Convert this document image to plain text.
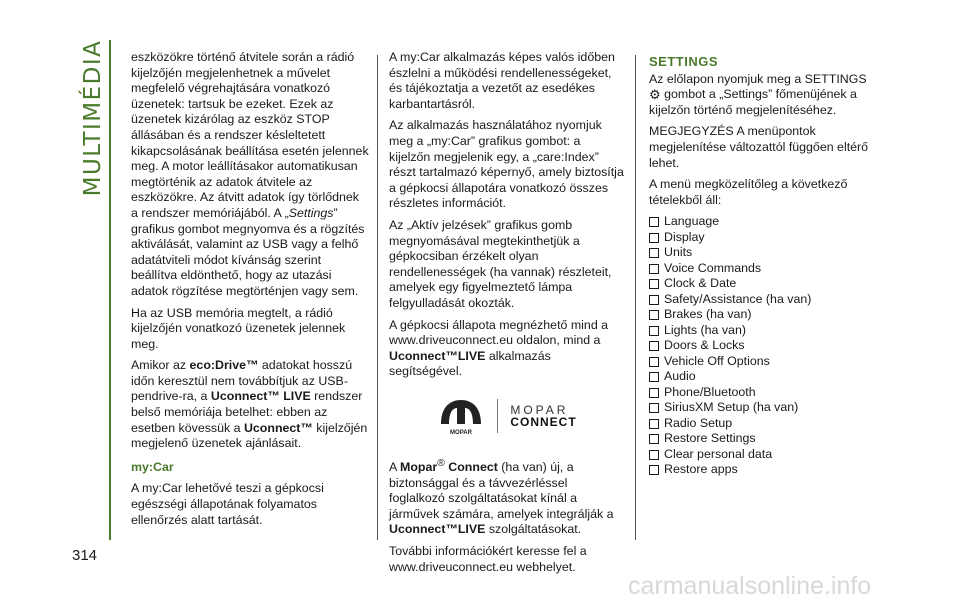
MULTIMÉDIA
314

eszközökre történő átvitele során a rádió kijelzőjén megjelenhetnek a művelet megfelelő végrehajtására vonatkozó üzenetek: tartsuk be ezeket. Ezek az üzenetek kizárólag az eszköz STOP állásában és a rendszer késleltetett kikapcsolásának beállítása esetén jelennek meg. A motor leállításakor automatikusan megtörténik az adatok átvitele az eszközökre. Az átvitt adatok így törlődnek a rendszer memóriájából. A „Settings” grafikus gombot megnyomva és a rögzítés aktiválását, valamint az USB vagy a felhő adatátviteli módot kívánság szerint beállítva eldönthető, hogy az utazási adatok rögzítése megtörténjen vagy sem.

Ha az USB memória megtelt, a rádió kijelzőjén vonatkozó üzenetek jelennek meg.

Amikor az eco:Drive™ adatokat hosszú időn keresztül nem továbbítjuk az USB-pendrive-ra, a Uconnect™ LIVE rendszer belső memóriája betelhet: ebben az esetben kövessük a Uconnect™ kijelzőjén megjelenő üzenetek ajánlásait.

my:Car

A my:Car lehetővé teszi a gépkocsi egészségi állapotának folyamatos ellenőrzés alatt tartását.

A my:Car alkalmazás képes valós időben észlelni a működési rendellenességeket, és tájékoztatja a vezetőt az esedékes karbantartásról.

Az alkalmazás használatához nyomjuk meg a „my:Car” grafikus gombot: a kijelzőn megjelenik egy, a „care:Index” részt tartalmazó képernyő, amely biztosítja a gépkocsi állapotára vonatkozó összes részletes információt.

Az „Aktív jelzések” grafikus gomb megnyomásával megtekinthetjük a gépkocsiban érzékelt olyan rendellenességek (ha vannak) részleteit, amelyek egy figyelmeztető lámpa felgyulladását okozták.

A gépkocsi állapota megnézhető mind a www.driveuconnect.eu oldalon, mind a Uconnect™LIVE alkalmazás segítségével.

MOPAR
MOPAR
CONNECT

A Mopar® Connect (ha van) új, a biztonsággal és a távvezérléssel foglalkozó szolgáltatásokat kínál a járművek számára, amelyek integrálják a Uconnect™LIVE szolgáltatásokat.

További információkért keresse fel a www.driveuconnect.eu webhelyet.

SETTINGS

Az előlapon nyomjuk meg a SETTINGS
⚙ gombot a „Settings” főmenüjének a kijelzőn történő megjelenítéséhez.

MEGJEGYZÉS A menüpontok megjelenítése változattól függően eltérő lehet.

A menü megközelítőleg a következő tételekből áll:

Language
Display
Units
Voice Commands
Clock & Date
Safety/Assistance (ha van)
Brakes (ha van)
Lights (ha van)
Doors & Locks
Vehicle Off Options
Audio
Phone/Bluetooth
SiriusXM Setup (ha van)
Radio Setup
Restore Settings
Clear personal data
Restore apps
carmanualsonline.info
